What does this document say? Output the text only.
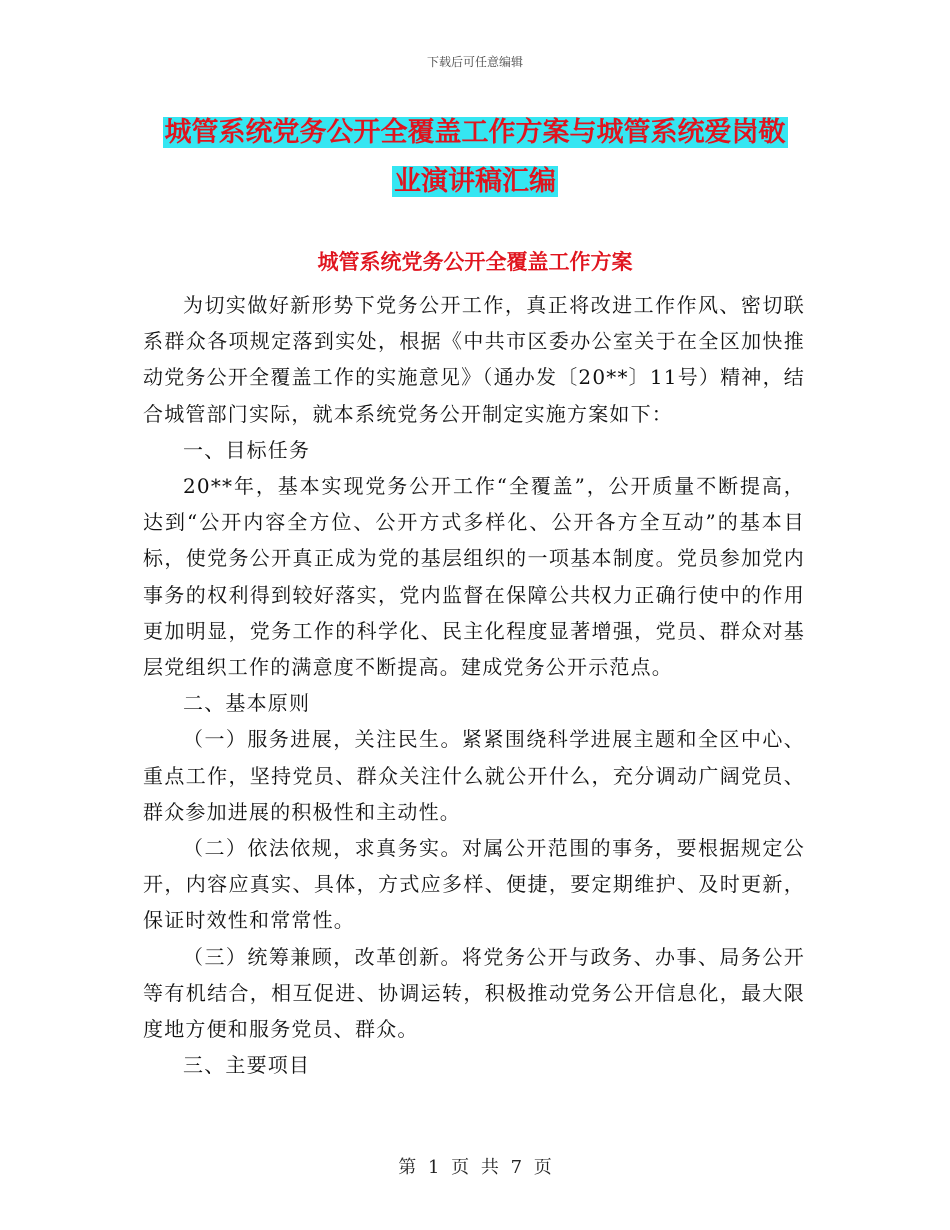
下载后可任意编辑
城管系统党务公开全覆盖工作方案与城管系统爱岗敬
业演讲稿汇编
城管系统党务公开全覆盖工作方案

为切实做好新形势下党务公开工作，真正将改进工作作风、密切联系群众各项规定落到实处，根据《中共市区委办公室关于在全区加快推动党务公开全覆盖工作的实施意见》（通办发〔20**〕11号）精神，结合城管部门实际，就本系统党务公开制定实施方案如下：

一、目标任务

20**年，基本实现党务公开工作“全覆盖”，公开质量不断提高，达到“公开内容全方位、公开方式多样化、公开各方全互动”的基本目标，使党务公开真正成为党的基层组织的一项基本制度。党员参加党内事务的权利得到较好落实，党内监督在保障公共权力正确行使中的作用更加明显，党务工作的科学化、民主化程度显著增强，党员、群众对基层党组织工作的满意度不断提高。建成党务公开示范点。

二、基本原则

（一）服务进展，关注民生。紧紧围绕科学进展主题和全区中心、重点工作，坚持党员、群众关注什么就公开什么，充分调动广阔党员、群众参加进展的积极性和主动性。

（二）依法依规，求真务实。对属公开范围的事务，要根据规定公开，内容应真实、具体，方式应多样、便捷，要定期维护、及时更新，保证时效性和常常性。

（三）统筹兼顾，改革创新。将党务公开与政务、办事、局务公开等有机结合，相互促进、协调运转，积极推动党务公开信息化，最大限度地方便和服务党员、群众。

三、主要项目

第 1 页 共 7 页
